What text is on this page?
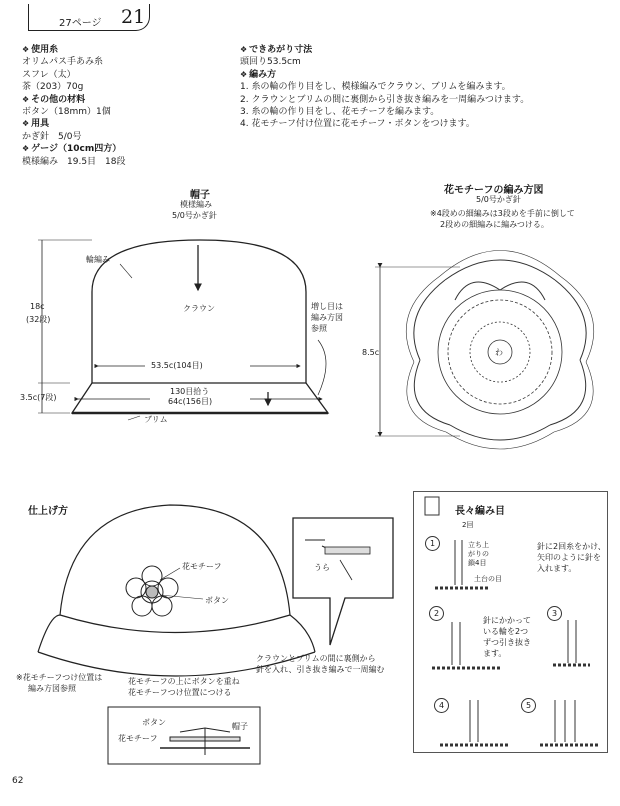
27ページ 21
❖ 使用糸
オリムパス手あみ糸
スフレ（太）
茶（203）70g
❖ その他の材料
ボタン（18mm）1個
❖ 用具
かぎ針　5/0号
❖ ゲージ（10cm四方）
模様編み　19.5目　18段
❖ できあがり寸法
頭回り53.5cm
❖ 編み方
1. 糸の輪の作り目をし、模様編みでクラウン、ブリムを編みます。
2. クラウンとブリムの間に裏側から引き抜き編みを一周編みつけます。
3. 糸の輪の作り目をし、花モチーフを編みます。
4. 花モチーフ付け位置に花モチーフ・ボタンをつけます。
帽子
模様編み
5/0号かぎ針
輪編み
クラウン
18c
(32段)
53.5c(104目)
3.5c(7段)
130目拾う
64c(156目)
ブリム
増し目は
編み方図
参照
花モチーフの編み方図
5/0号かぎ針
※4段めの細編みは3段めを手前に倒して
2段めの細編みに編みつける。
8.5c	わ
仕上げ方
花モチーフ
ボタン
※花モチーフつけ位置は
編み方図参照
花モチーフの上にボタンを重ね
花モチーフつけ位置につける
クラウンとブリムの間に裏側から
針を入れ、引き抜き編みで一周編む
うら
ボタン
花モチーフ
帽子
長々編み目
1
2	3
4	5
2回
立ち上
がりの
鎖4目
土台の目
針に2回糸をかけ、
矢印のように針を
入れます。
針にかかって
いる輪を2つ
ずつ引き抜き
ます。
62
